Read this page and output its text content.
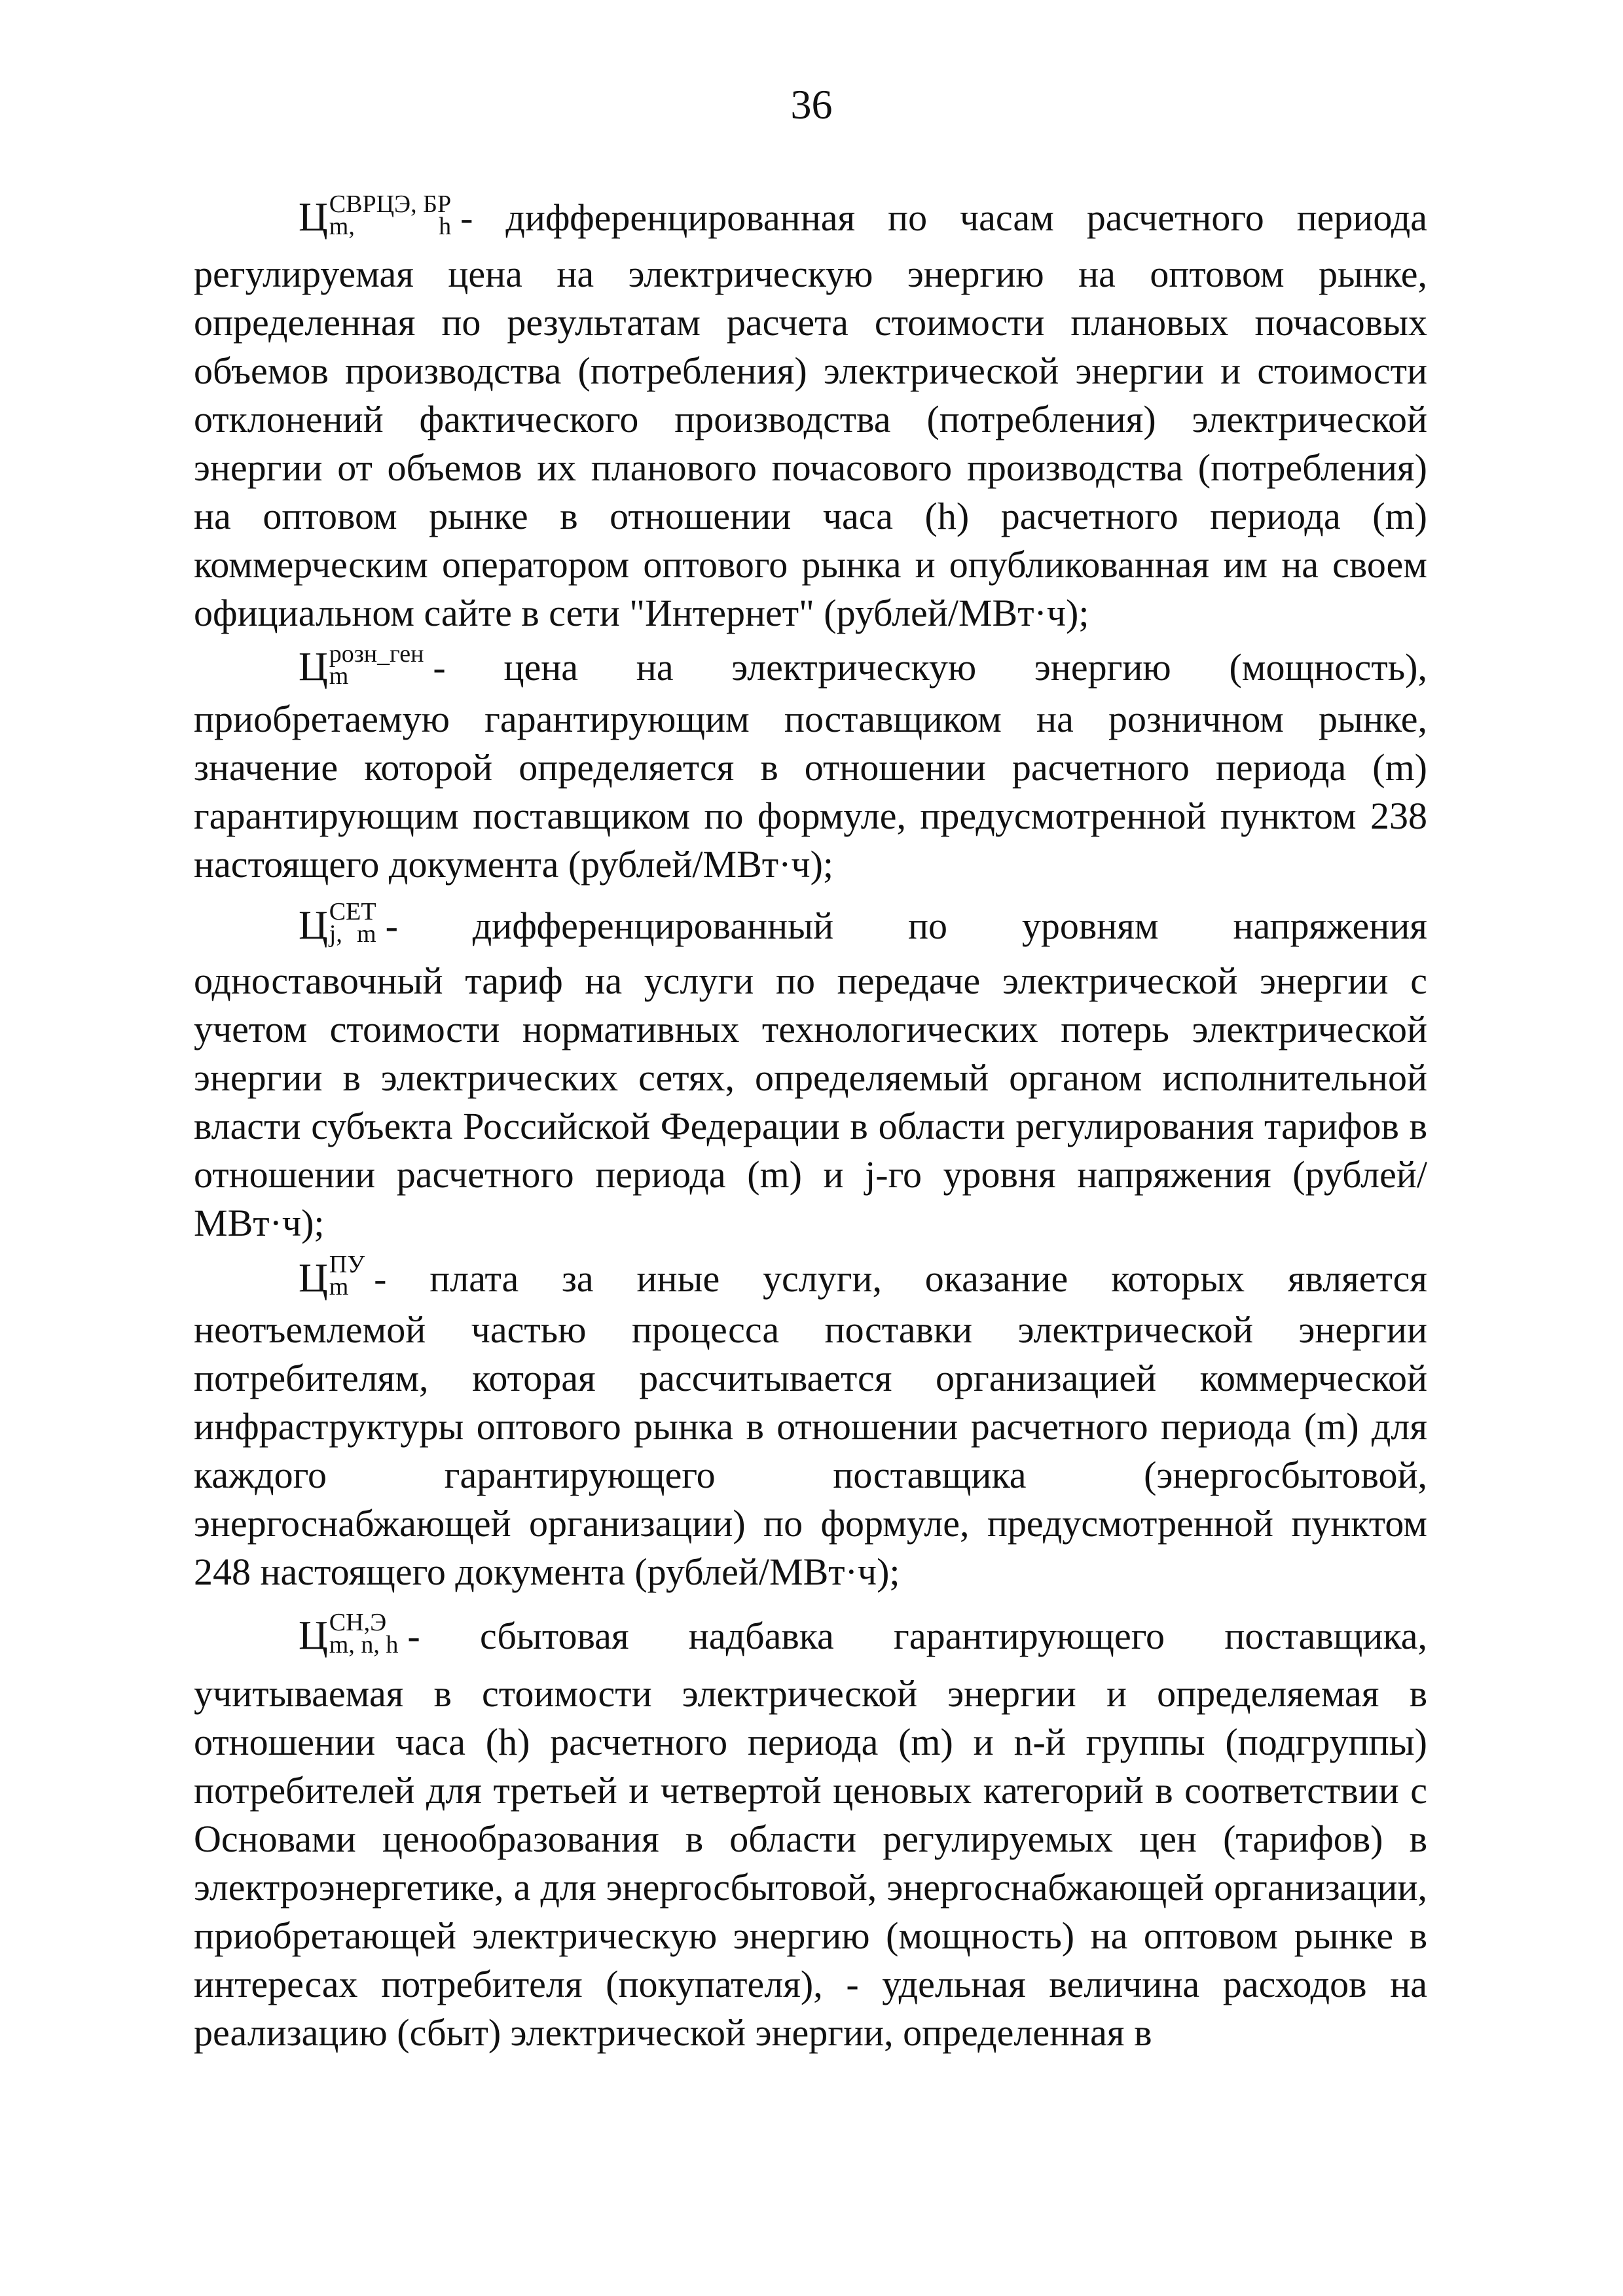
36
Ц СВРЦЭ, БР
m, h - дифференцированная по часам расчетного периода
регулируемая цена на электрическую энергию на оптовом рынке, определенная по результатам расчета стоимости плановых почасовых объемов производства (потребления) электрической энергии и стоимости отклонений фактического производства (потребления) электрической энергии от объемов их планового почасового производства (потребления) на оптовом рынке в отношении часа (h) расчетного периода (m) коммерческим оператором оптового рынка и опубликованная им на своем официальном сайте в сети "Интернет" (рублей/МВт·ч);
Ц розн_ген
m	- цена на электрическую энергию (мощность),
приобретаемую гарантирующим поставщиком на розничном рынке, значение которой определяется в отношении расчетного периода (m) гарантирующим поставщиком по формуле, предусмотренной пунктом 238 настоящего документа (рублей/МВт·ч);
Ц СЕТ
j, m - дифференцированный по уровням напряжения
одноставочный тариф на услуги по передаче электрической энергии с учетом стоимости нормативных технологических потерь электрической энергии в электрических сетях, определяемый органом исполнительной власти субъекта Российской Федерации в области регулирования тарифов в отношении расчетного периода (m) и j-го уровня напряжения (рублей/МВт·ч);
Ц ПУ
m - плата за иные услуги, оказание которых является
неотъемлемой частью процесса поставки электрической энергии потребителям, которая рассчитывается организацией коммерческой инфраструктуры оптового рынка в отношении расчетного периода (m) для каждого гарантирующего поставщика (энергосбытовой, энергоснабжающей организации) по формуле, предусмотренной пунктом 248 настоящего документа (рублей/МВт·ч);
Ц СН,Э
m, n, h - сбытовая надбавка гарантирующего поставщика,
учитываемая в стоимости электрической энергии и определяемая в отношении часа (h) расчетного периода (m) и n-й группы (подгруппы) потребителей для третьей и четвертой ценовых категорий в соответствии с Основами ценообразования в области регулируемых цен (тарифов) в электроэнергетике, а для энергосбытовой, энергоснабжающей организации, приобретающей электрическую энергию (мощность) на оптовом рынке в интересах потребителя (покупателя), - удельная величина расходов на реализацию (сбыт) электрической энергии, определенная в
